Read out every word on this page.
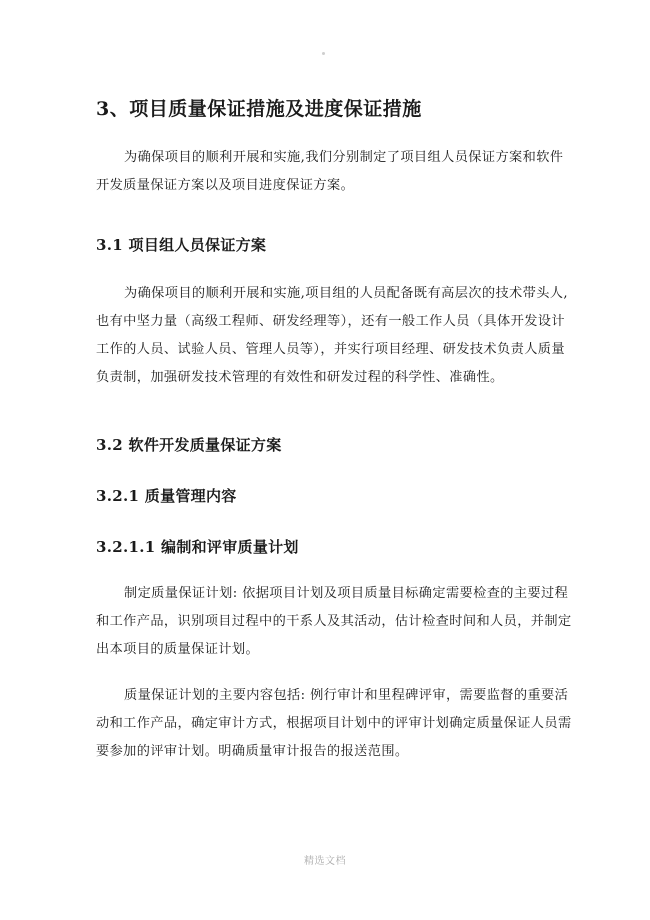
3、项目质量保证措施及进度保证措施

为确保项目的顺利开展和实施,我们分别制定了项目组人员保证方案和软件
开发质量保证方案以及项目进度保证方案。

3.1 项目组人员保证方案

为确保项目的顺利开展和实施,项目组的人员配备既有高层次的技术带头人,
也有中坚力量（高级工程师、研发经理等），还有一般工作人员（具体开发设计
工作的人员、试验人员、管理人员等），并实行项目经理、研发技术负责人质量
负责制，加强研发技术管理的有效性和研发过程的科学性、准确性。

3.2 软件开发质量保证方案
3.2.1 质量管理内容
3.2.1.1 编制和评审质量计划

制定质量保证计划: 依据项目计划及项目质量目标确定需要检查的主要过程
和工作产品，识别项目过程中的干系人及其活动，估计检查时间和人员，并制定
出本项目的质量保证计划。

质量保证计划的主要内容包括: 例行审计和里程碑评审，需要监督的重要活
动和工作产品，确定审计方式，根据项目计划中的评审计划确定质量保证人员需
要参加的评审计划。明确质量审计报告的报送范围。

精选文档
